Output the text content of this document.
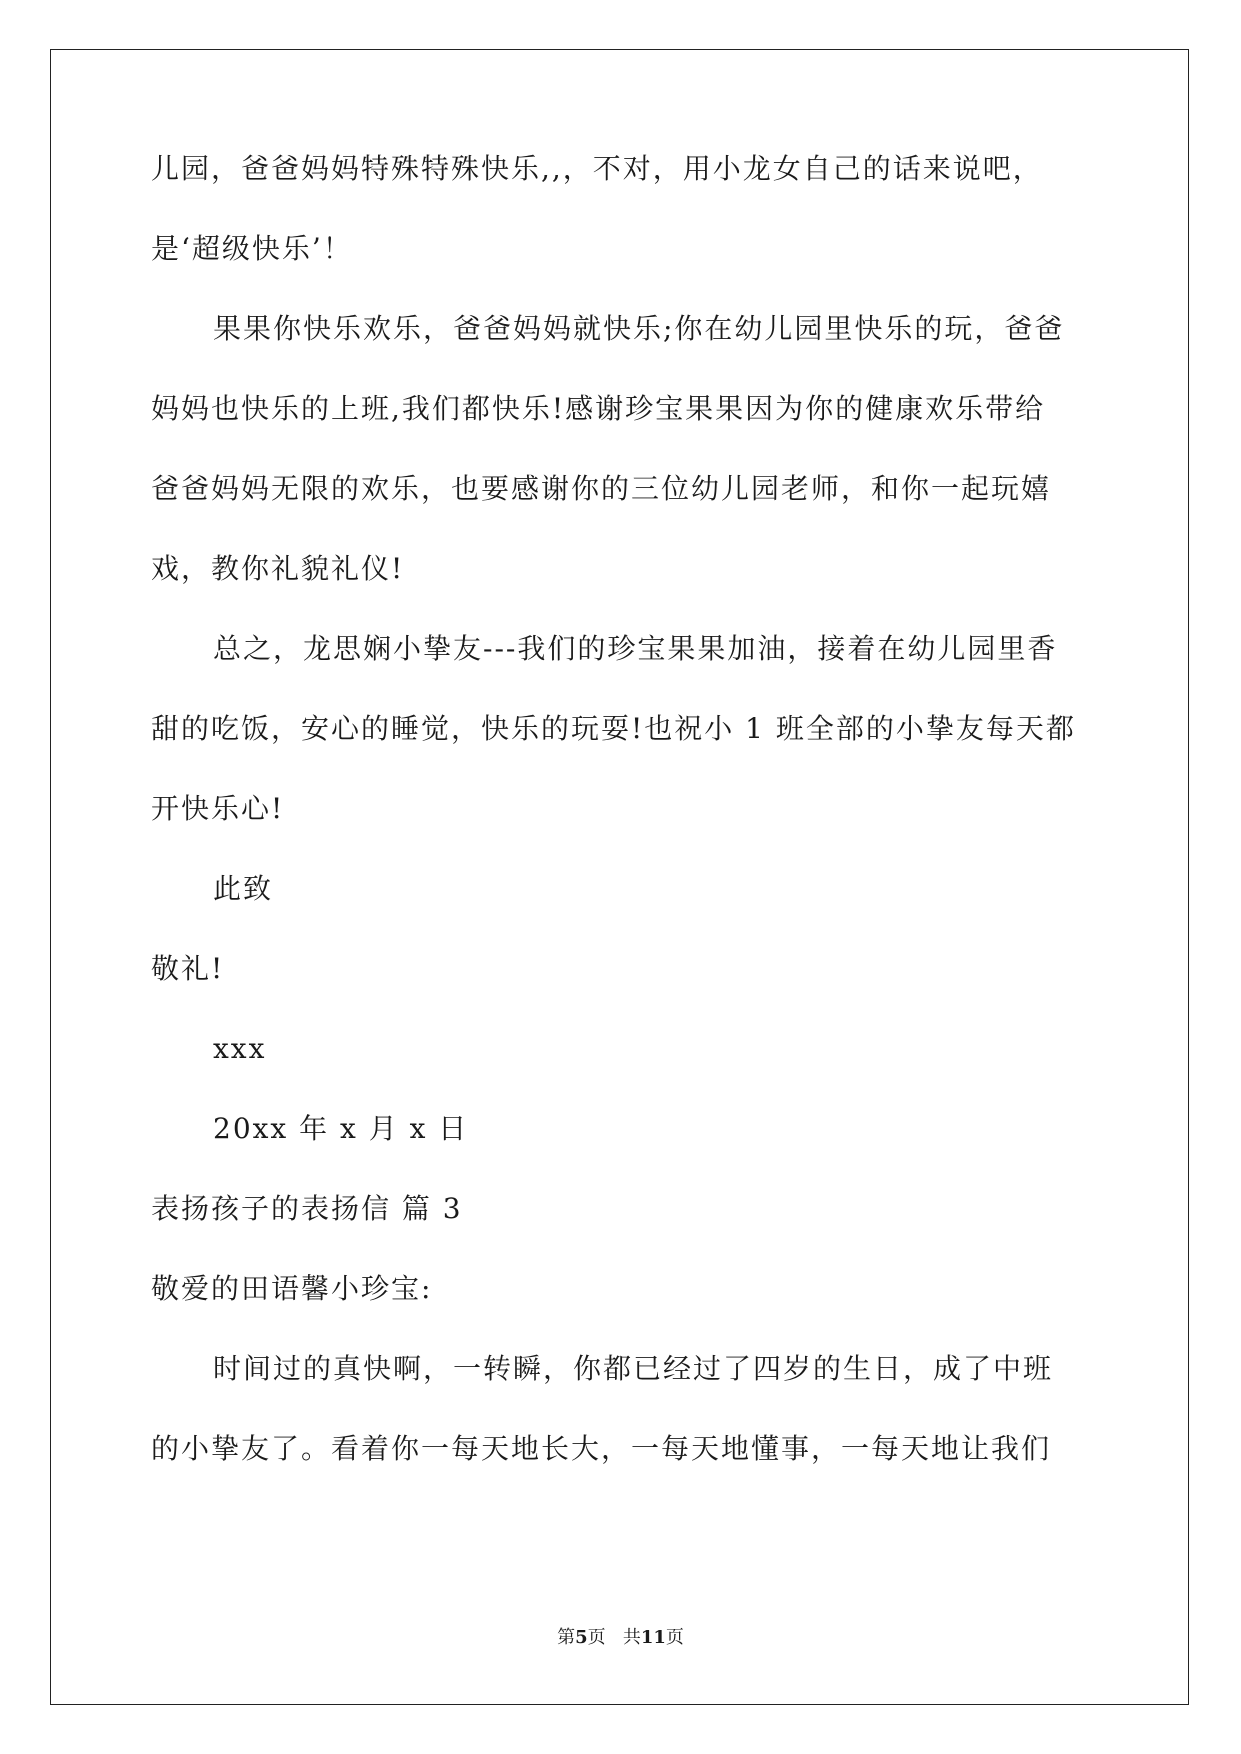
儿园，爸爸妈妈特殊特殊快乐,,，不对，用小龙女自己的话来说吧，
是‘超级快乐’！
果果你快乐欢乐，爸爸妈妈就快乐;你在幼儿园里快乐的玩，爸爸
妈妈也快乐的上班,我们都快乐!感谢珍宝果果因为你的健康欢乐带给
爸爸妈妈无限的欢乐，也要感谢你的三位幼儿园老师，和你一起玩嬉
戏，教你礼貌礼仪!
总之，龙思娴小挚友---我们的珍宝果果加油，接着在幼儿园里香
甜的吃饭，安心的睡觉，快乐的玩耍!也祝小 1 班全部的小挚友每天都
开快乐心!
此致
敬礼!
xxx
20xx 年 x 月 x 日
表扬孩子的表扬信 篇 3
敬爱的田语馨小珍宝:
时间过的真快啊，一转瞬，你都已经过了四岁的生日，成了中班
的小挚友了。看着你一每天地长大，一每天地懂事，一每天地让我们
第5页 共11页
